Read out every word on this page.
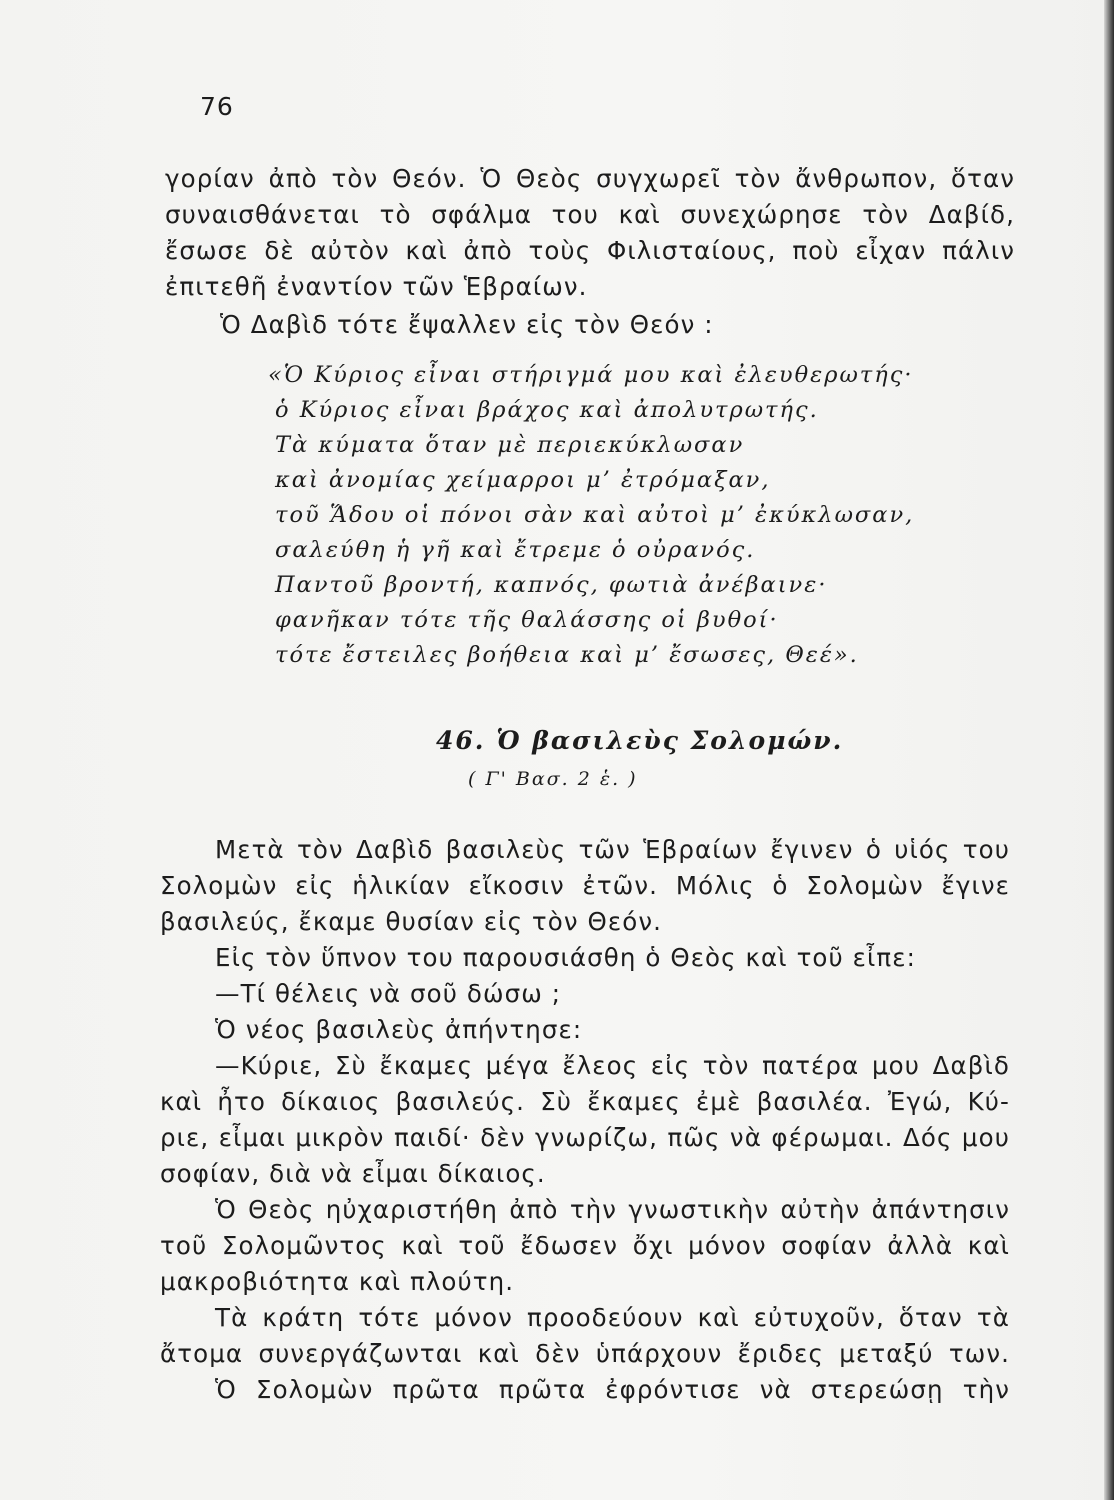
76
γορίαν ἀπὸ τὸν Θεόν. Ὁ Θεὸς συγχωρεῖ τὸν ἄνθρωπον, ὅταν
συναισθάνεται τὸ σφάλμα του καὶ συνεχώρησε τὸν Δαβίδ,
ἔσωσε δὲ αὐτὸν καὶ ἀπὸ τοὺς Φιλισταίους, ποὺ εἶχαν πάλιν
ἐπιτεθῆ ἐναντίον τῶν Ἑβραίων.
Ὁ Δαβὶδ τότε ἔψαλλεν εἰς τὸν Θεόν :
«Ὁ Κύριος εἶναι στήριγμά μου καὶ ἐλευθερωτής·
ὁ Κύριος εἶναι βράχος καὶ ἀπολυτρωτής.
Τὰ κύματα ὅταν μὲ περιεκύκλωσαν
καὶ ἀνομίας χείμαρροι μ’ ἐτρόμαξαν,
τοῦ Ἅδου οἱ πόνοι σὰν καὶ αὐτοὶ μ’ ἐκύκλωσαν,
σαλεύθη ἡ γῆ καὶ ἔτρεμε ὁ οὐρανός.
Παντοῦ βροντή, καπνός, φωτιὰ ἀνέβαινε·
φανῆκαν τότε τῆς θαλάσσης οἱ βυθοί·
τότε ἔστειλες βοήθεια καὶ μ’ ἔσωσες, Θεέ».
46. Ὁ βασιλεὺς Σολομών.
( Γ' Βασ. 2 ἑ. )
Μετὰ τὸν Δαβὶδ βασιλεὺς τῶν Ἑβραίων ἔγινεν ὁ υἱός του
Σολομὼν εἰς ἡλικίαν εἴκοσιν ἐτῶν. Μόλις ὁ Σολομὼν ἔγινε
βασιλεύς, ἔκαμε θυσίαν εἰς τὸν Θεόν.
Εἰς τὸν ὕπνον του παρουσιάσθη ὁ Θεὸς καὶ τοῦ εἶπε:
—Τί θέλεις νὰ σοῦ δώσω ;
Ὁ νέος βασιλεὺς ἀπήντησε:
—Κύριε, Σὺ ἔκαμες μέγα ἔλεος εἰς τὸν πατέρα μου Δαβὶδ
καὶ ἦτο δίκαιος βασιλεύς. Σὺ ἔκαμες ἐμὲ βασιλέα. Ἐγώ, Κύ-
ριε, εἶμαι μικρὸν παιδί· δὲν γνωρίζω, πῶς νὰ φέρωμαι. Δός μου
σοφίαν, διὰ νὰ εἶμαι δίκαιος.
Ὁ Θεὸς ηὐχαριστήθη ἀπὸ τὴν γνωστικὴν αὐτὴν ἀπάντησιν
τοῦ Σολομῶντος καὶ τοῦ ἔδωσεν ὄχι μόνον σοφίαν ἀλλὰ καὶ
μακροβιότητα καὶ πλούτη.
Τὰ κράτη τότε μόνον προοδεύουν καὶ εὐτυχοῦν, ὅταν τὰ
ἄτομα συνεργάζωνται καὶ δὲν ὑπάρχουν ἔριδες μεταξύ των.
Ὁ Σολομὼν πρῶτα πρῶτα ἐφρόντισε νὰ στερεώσῃ τὴν
